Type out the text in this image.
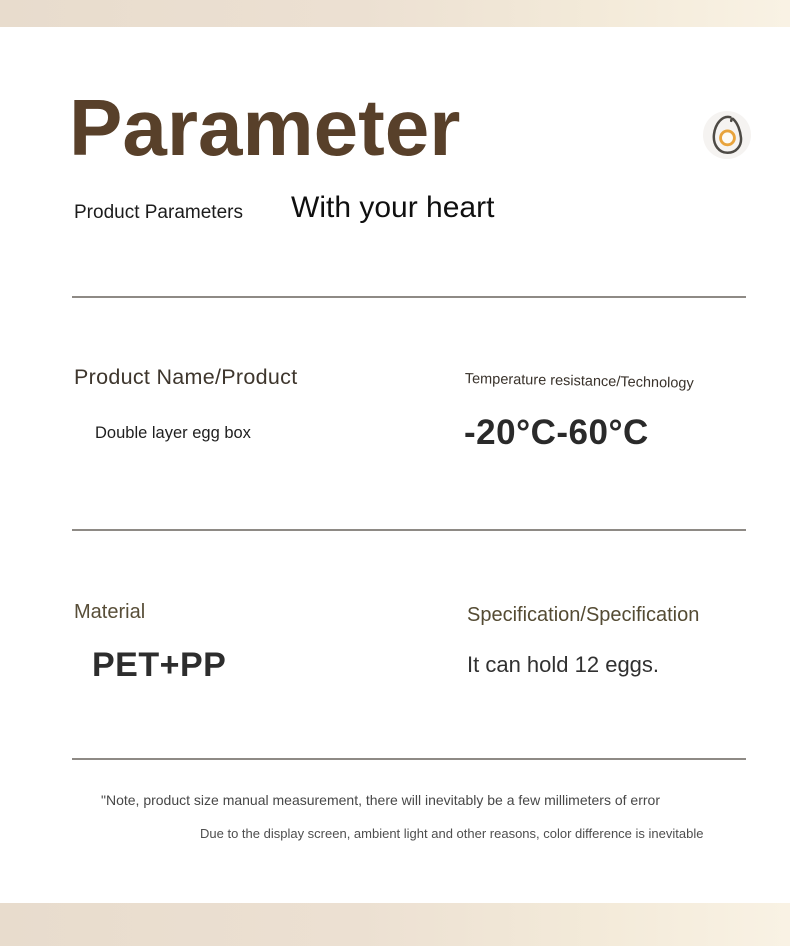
Parameter
Product Parameters With your heart
Product Name/Product
Double layer egg box
Temperature resistance/Technology
-20°C-60°C
Material
PET+PP
Specification/Specification
It can hold 12 eggs.
"Note, product size manual measurement, there will inevitably be a few millimeters of error
Due to the display screen, ambient light and other reasons, color difference is inevitable
